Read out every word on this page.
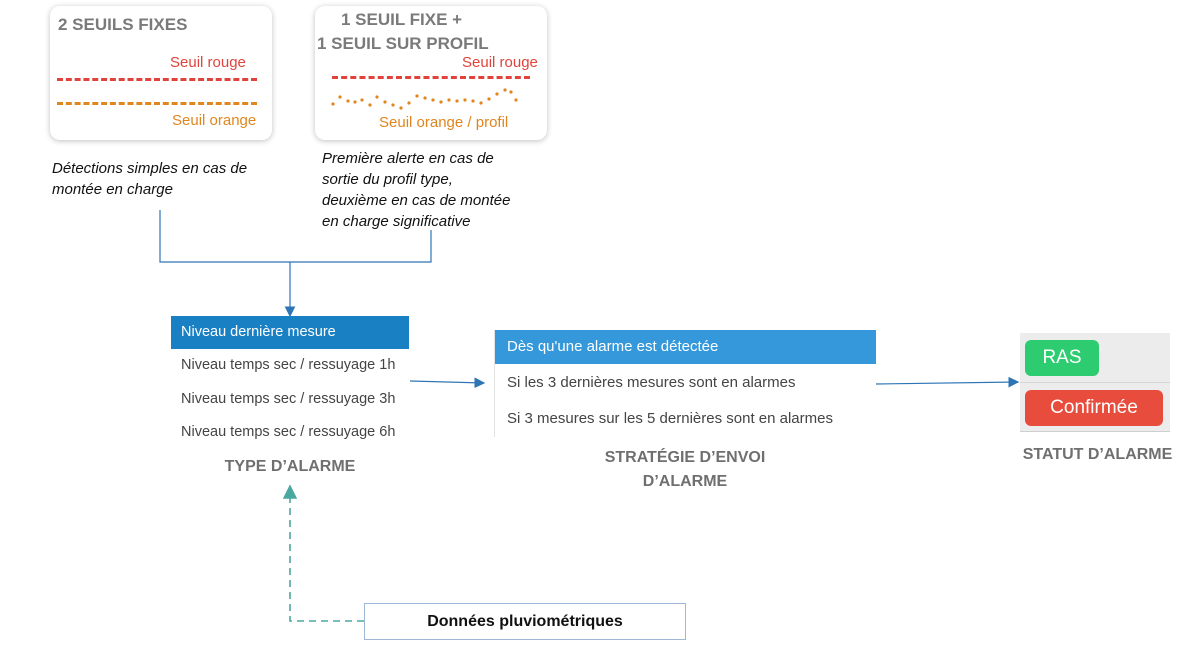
2 SEUILS FIXES
Seuil rouge
Seuil orange
1 SEUIL FIXE +
1 SEUIL SUR PROFIL
Seuil rouge
Seuil orange / profil
Détections simples en cas de
montée en charge
Première alerte en cas de
sortie du profil type,
deuxième en cas de montée
en charge significative
Niveau dernière mesure
Niveau temps sec / ressuyage 1h
Niveau temps sec / ressuyage 3h
Niveau temps sec / ressuyage 6h
TYPE D’ALARME
Dès qu'une alarme est détectée
Si les 3 dernières mesures sont en alarmes
Si 3 mesures sur les 5 dernières sont en alarmes
STRATÉGIE D’ENVOI
D’ALARME
RAS
Confirmée
STATUT D’ALARME
Données pluviométriques
